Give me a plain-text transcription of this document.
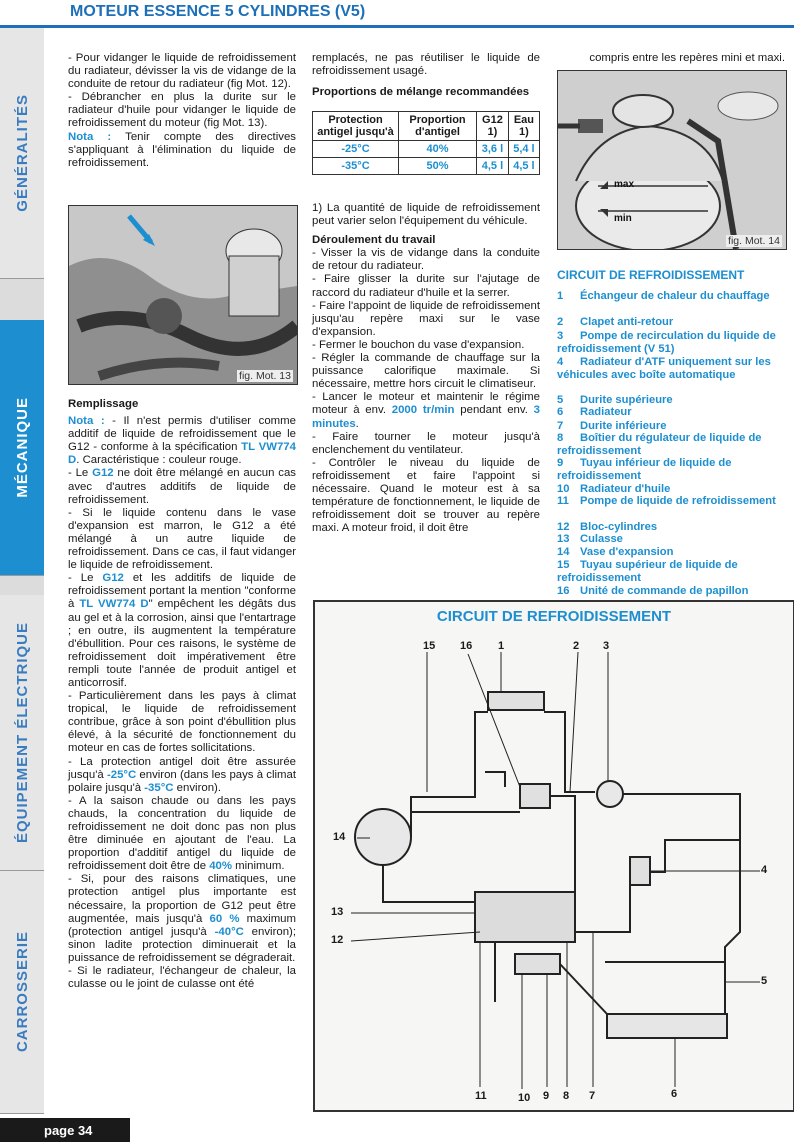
MOTEUR ESSENCE 5 CYLINDRES (V5)
GÉNÉRALITÉS
MÉCANIQUE
ÉQUIPEMENT ÉLECTRIQUE
CARROSSERIE

- Pour vidanger le liquide de refroidissement du radiateur, dévisser la vis de vidange de la conduite de retour du radiateur (fig Mot. 12).

- Débrancher en plus la durite sur le radiateur d'huile pour vidanger le liquide de refroidissement du moteur (fig Mot. 13).

Nota : Tenir compte des directives s'appliquant à l'élimination du liquide de refroidissement.

fig. Mot. 13

Remplissage

Nota : - Il n'est permis d'utiliser comme additif de liquide de refroidissement que le G12 - conforme à la spécification TL VW774 D. Caractéristique : couleur rouge.

- Le G12 ne doit être mélangé en aucun cas avec d'autres additifs de liquide de refroidissement.

- Si le liquide contenu dans le vase d'expansion est marron, le G12 a été mélangé à un autre liquide de refroidissement. Dans ce cas, il faut vidanger le liquide de refroidissement.

- Le G12 et les additifs de liquide de refroidissement portant la mention "conforme à TL VW774 D" empêchent les dégâts dus au gel et à la corrosion, ainsi que l'entartrage ; en outre, ils augmentent la température d'ébullition. Pour ces raisons, le système de refroidissement doit impérativement être rempli toute l'année de produit antigel et anticorrosif.

- Particulièrement dans les pays à climat tropical, le liquide de refroidissement contribue, grâce à son point d'ébullition plus élevé, à la sécurité de fonctionnement du moteur en cas de fortes sollicitations.

- La protection antigel doit être assurée jusqu'à -25°C environ (dans les pays à climat polaire jusqu'à -35°C environ).

- A la saison chaude ou dans les pays chauds, la concentration du liquide de refroidissement ne doit donc pas non plus être diminuée en ajoutant de l'eau. La proportion d'additif antigel du liquide de refroidissement doit être de 40% minimum.

- Si, pour des raisons climatiques, une protection antigel plus importante est nécessaire, la proportion de G12 peut être augmentée, mais jusqu'à 60 % maximum (protection antigel jusqu'à -40°C environ); sinon ladite protection diminuerait et la puissance de refroidissement se dégraderait.

- Si le radiateur, l'échangeur de chaleur, la culasse ou le joint de culasse ont été

remplacés, ne pas réutiliser le liquide de refroidissement usagé.

Proportions de mélange recommandées

Protection antigel jusqu'à	Proportion d'antigel	G12 1)	Eau 1)
-25°C	40%	3,6 l	5,4 l
-35°C	50%	4,5 l	4,5 l

1) La quantité de liquide de refroidissement peut varier selon l'équipement du véhicule.

Déroulement du travail

- Visser la vis de vidange dans la conduite de retour du radiateur.

- Faire glisser la durite sur l'ajutage de raccord du radiateur d'huile et la serrer.

- Faire l'appoint de liquide de refroidissement jusqu'au repère maxi sur le vase d'expansion.

- Fermer le bouchon du vase d'expansion.

- Régler la commande de chauffage sur la puissance calorifique maximale. Si nécessaire, mettre hors circuit le climatiseur.

- Lancer le moteur et maintenir le régime moteur à env. 2000 tr/min pendant env. 3 minutes.

- Faire tourner le moteur jusqu'à enclenchement du ventilateur.

- Contrôler le niveau du liquide de refroidissement et faire l'appoint si nécessaire. Quand le moteur est à sa température de fonctionnement, le liquide de refroidissement doit se trouver au repère maxi. A moteur froid, il doit être

compris entre les repères mini et maxi.

max
min
fig. Mot. 14
CIRCUIT DE REFROIDISSEMENT
1 Échangeur de chaleur du chauffage
2 Clapet anti-retour
3 Pompe de recirculation du liquide de refroidissement (V 51)
4 Radiateur d'ATF uniquement sur les véhicules avec boîte automatique
5 Durite supérieure
6 Radiateur
7 Durite inférieure
8 Boîtier du régulateur de liquide de refroidissement
9 Tuyau inférieur de liquide de refroidissement
10 Radiateur d'huile
11 Pompe de liquide de refroidissement
12 Bloc-cylindres
13 Culasse
14 Vase d'expansion
15 Tuyau supérieur de liquide de refroidissement
16 Unité de commande de papillon
CIRCUIT DE REFROIDISSEMENT
15 16 1	2 3
14
4
13
12
5
6
11	10 9 8 7
page 34
